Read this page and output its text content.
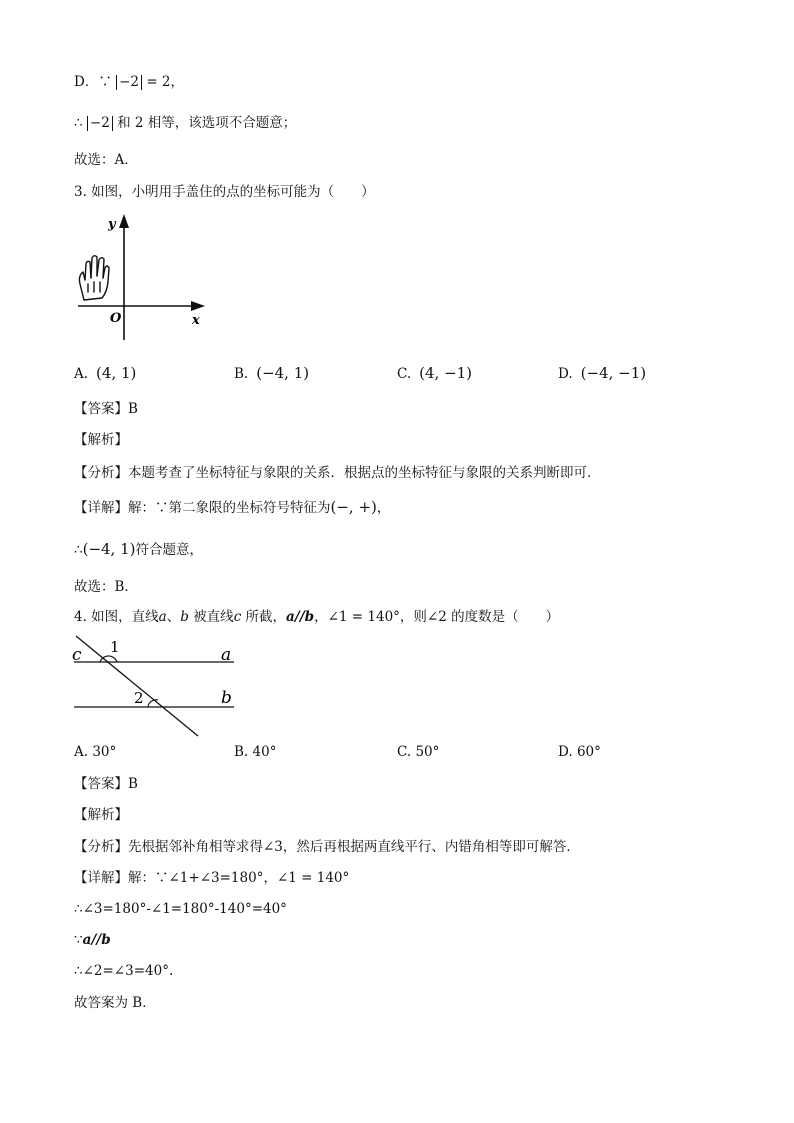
D．∵ −2 = 2，
∴ −2 和 2 相等，该选项不合题意；
故选：A．
3. 如图，小明用手盖住的点的坐标可能为（　　）
y
x
O
A. (4, 1)	B. (−4, 1)	C. (4, −1)	D. (−4, −1)
【答案】B
【解析】
【分析】本题考查了坐标特征与象限的关系．根据点的坐标特征与象限的关系判断即可．
【详解】解：∵第二象限的坐标符号特征为(−, +)，
∴(−4, 1)符合题意，
故选：B．
4. 如图，直线a、b 被直线c 所截，a//b，∠1 = 140°，则∠2 的度数是（　　）
c	a
b
1
2
A. 30°	B. 40°	C. 50°	D. 60°
【答案】B
【解析】
【分析】先根据邻补角相等求得∠3，然后再根据两直线平行、内错角相等即可解答．
【详解】解：∵∠1+∠3=180°，∠1 = 140°
∴∠3=180°-∠1=180°-140°=40°
∵a//b
∴∠2=∠3=40°.
故答案为 B．
